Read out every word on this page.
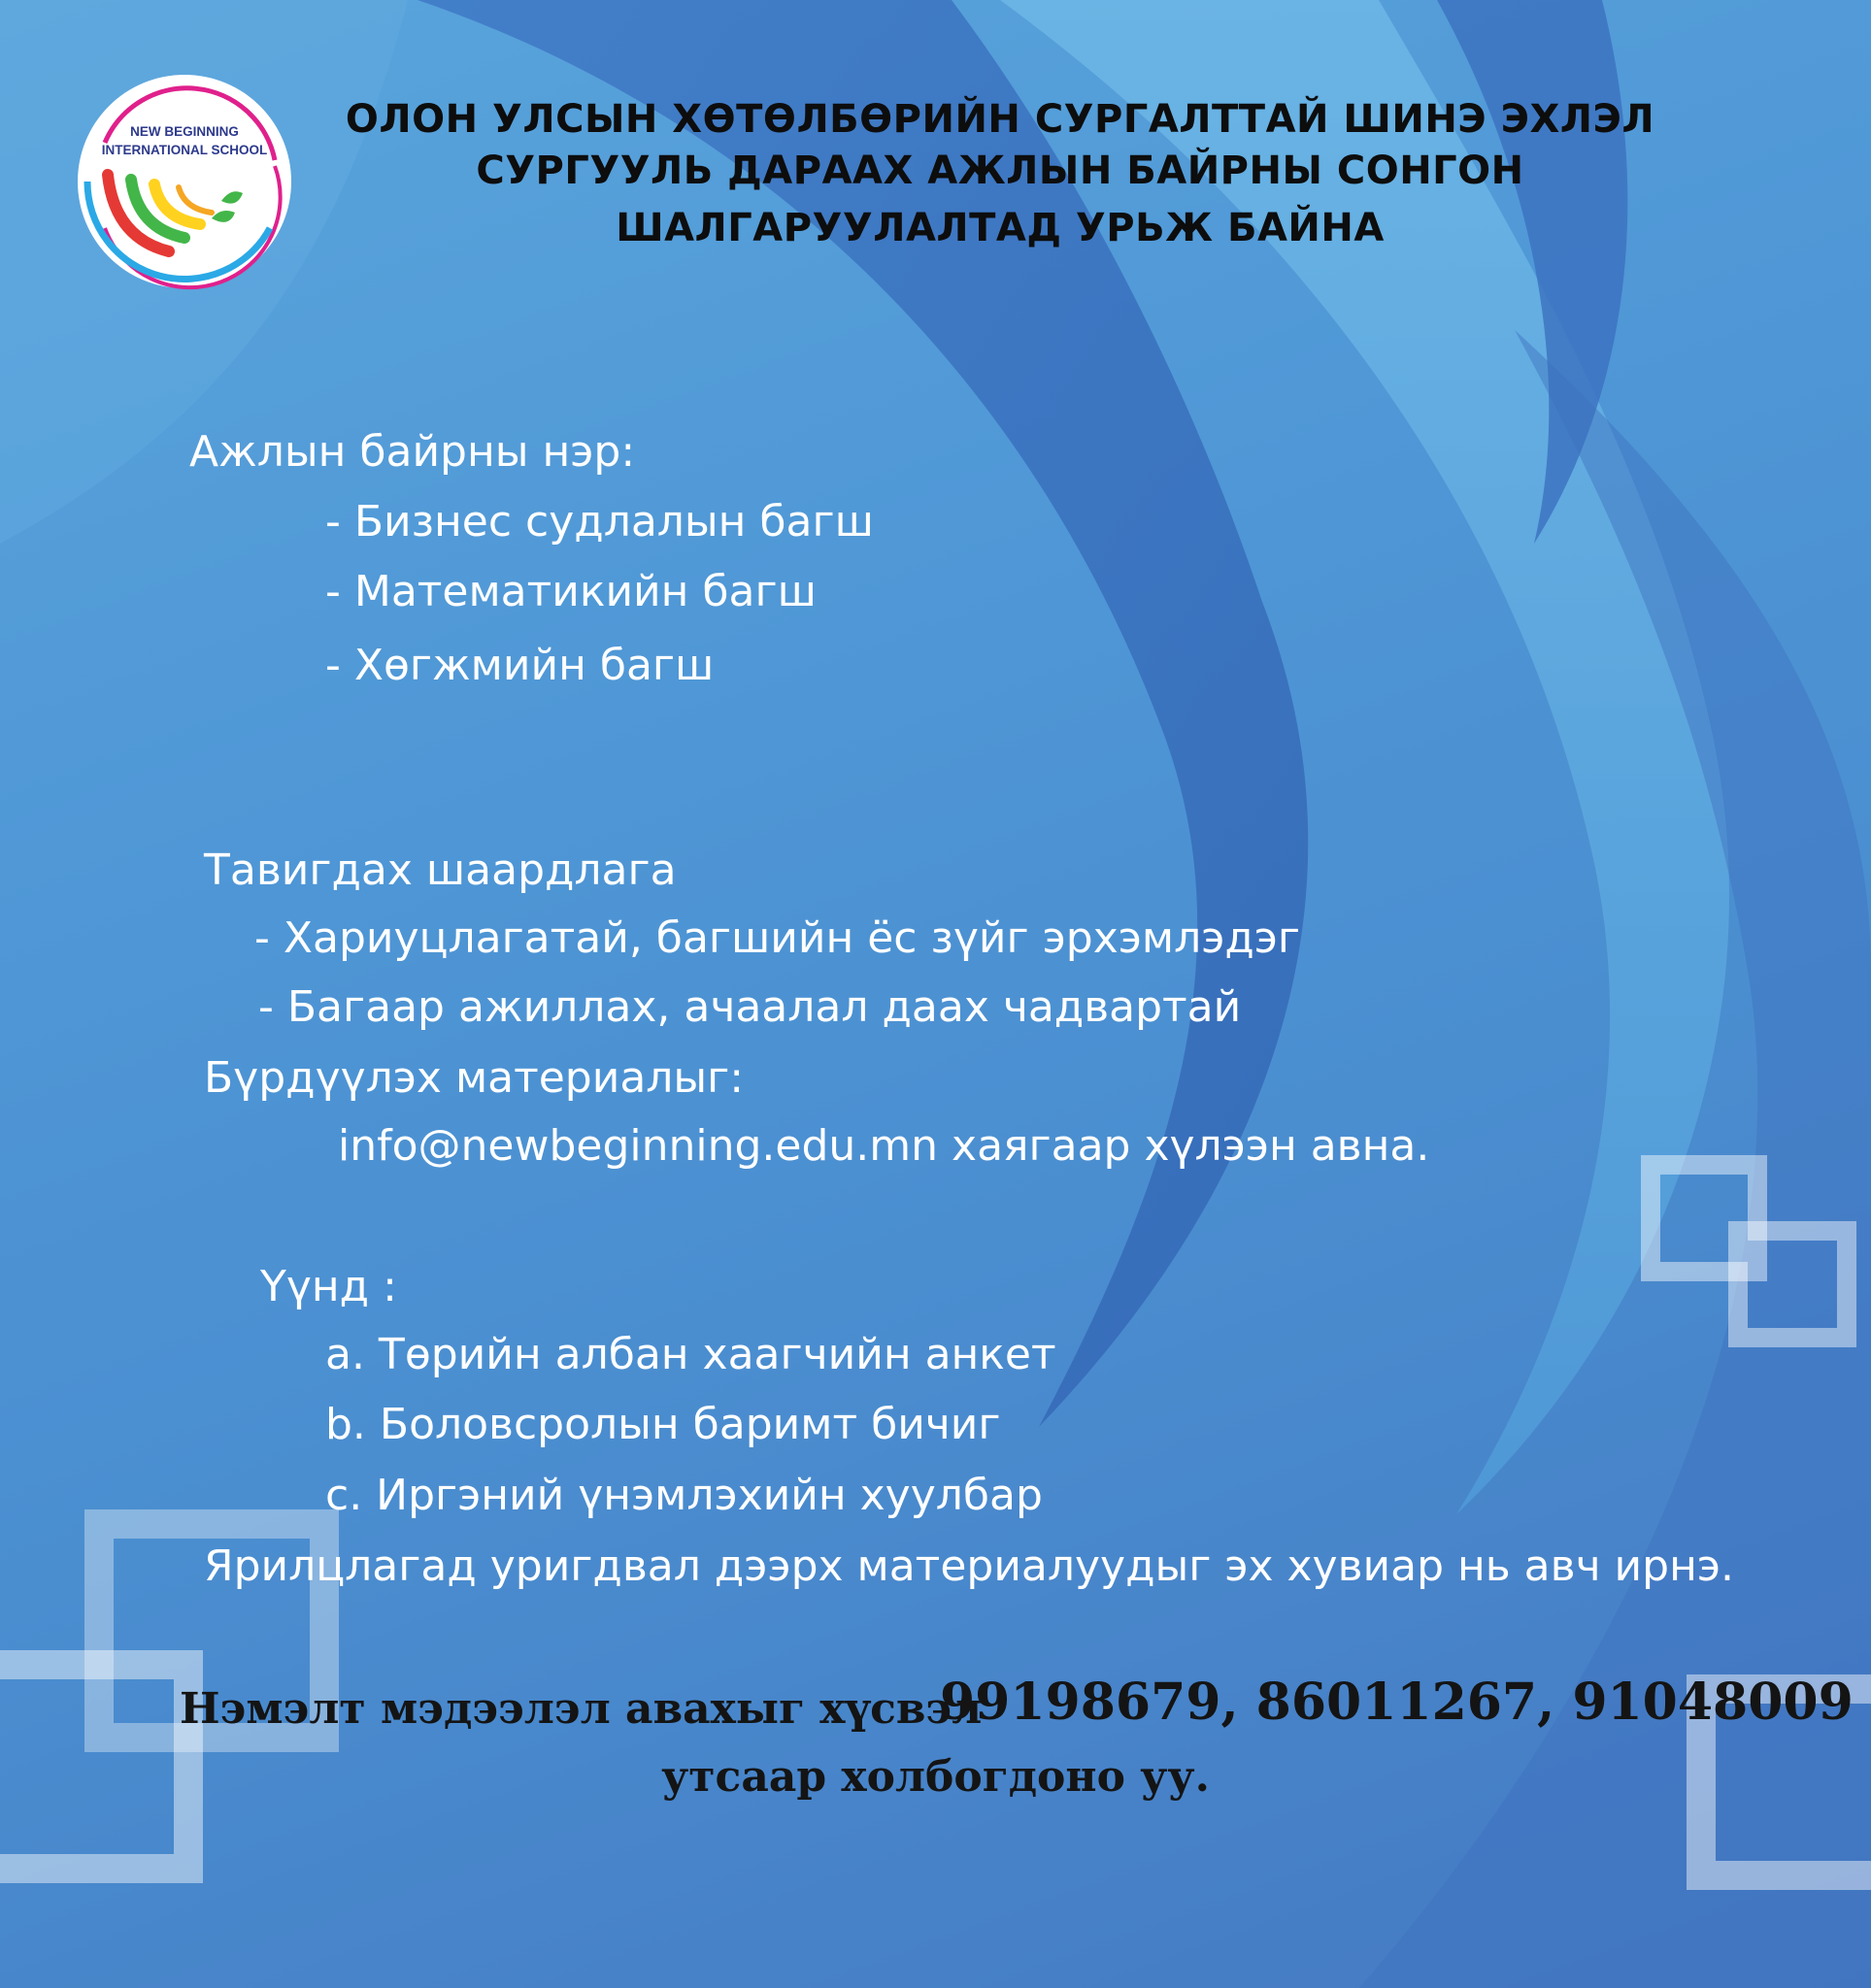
NEW BEGINNING
INTERNATIONAL SCHOOL

ОЛОН УЛСЫН ХӨТӨЛБӨРИЙН СУРГАЛТТАЙ ШИНЭ ЭХЛЭЛ

СУРГУУЛЬ ДАРААХ АЖЛЫН БАЙРНЫ СОНГОН

ШАЛГАРУУЛАЛТАД УРЬЖ БАЙНА

Ажлын байрны нэр:

- Бизнес судлалын багш

- Математикийн багш

- Хөгжмийн багш

Тавигдах шаардлага

- Хариуцлагатай, багшийн ёс зүйг эрхэмлэдэг

- Багаар ажиллах, ачаалал даах чадвартай

Бүрдүүлэх материалыг:

info@newbeginning.edu.mn хаягаар хүлээн авна.

Үүнд :

a. Төрийн албан хаагчийн анкет

b. Боловсролын баримт бичиг

c. Иргэний үнэмлэхийн хуулбар

Ярилцлагад уригдвал дээрх материалуудыг эх хувиар нь авч ирнэ.

Нэмэлт мэдээлэл авахыг хүсвэл

99198679, 86011267, 91048009

утсаар холбогдоно уу.
